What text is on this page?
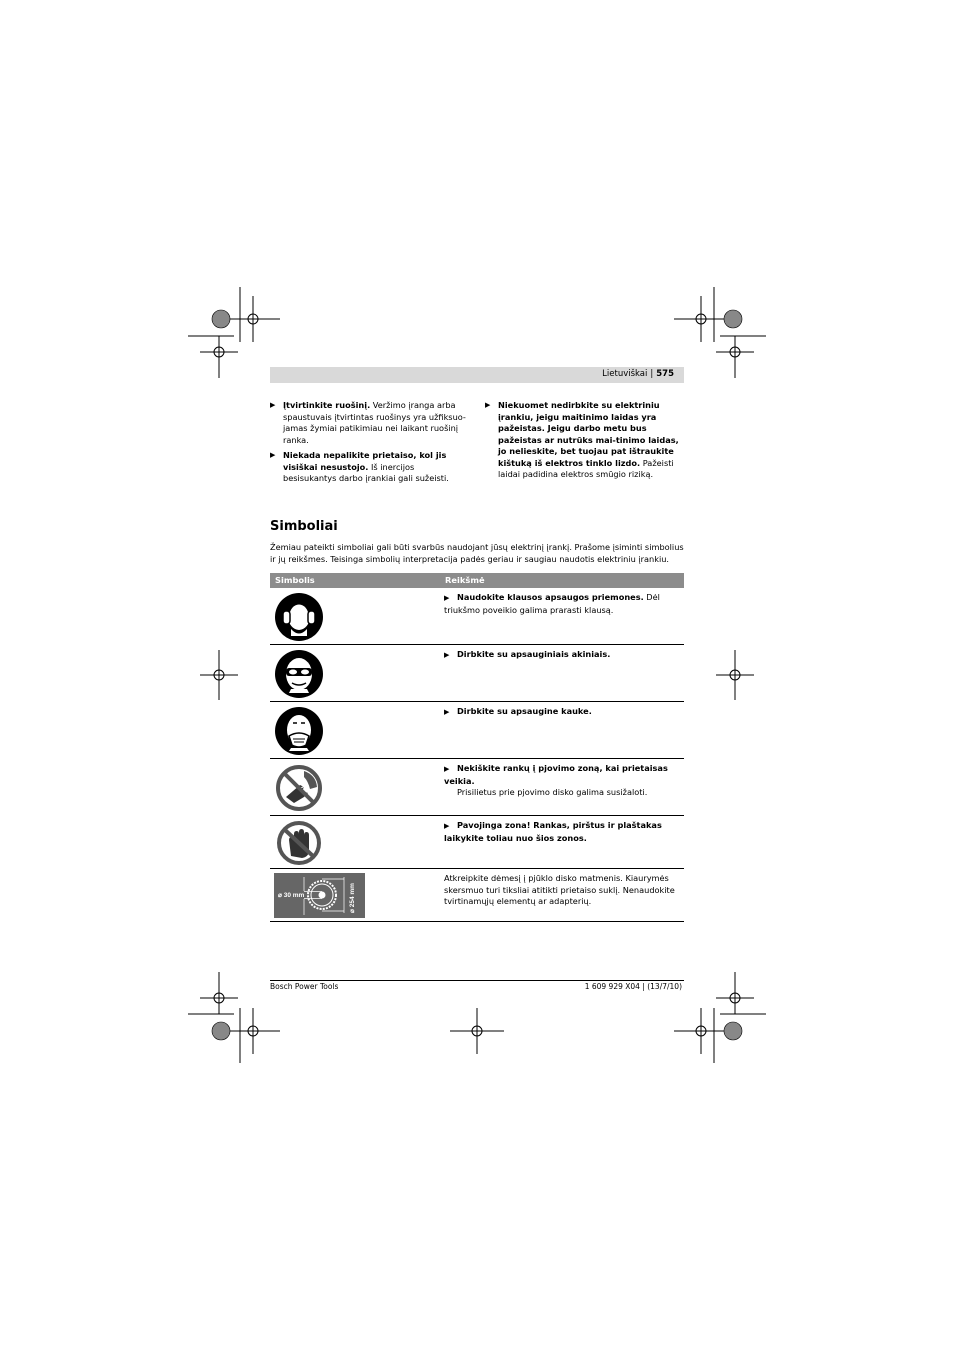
Lietuviškai | 575
▶ Įtvirtinkite ruošinį. Veržimo įranga arba spaustuvais įtvirtintas ruošinys yra užfiksuo-jamas žymiai patikimiau nei laikant ruošinį ranka.
▶ Niekada nepalikite prietaiso, kol jis visiškai nesustojo. Iš inercijos besisukantys darbo įrankiai gali sužeisti.
▶ Niekuomet nedirbkite su elektriniu įrankiu, jeigu maitinimo laidas yra pažeistas. Jeigu darbo metu bus pažeistas ar nutrūks mai-tinimo laidas, jo nelieskite, bet tuojau pat ištraukite kištuką iš elektros tinklo lizdo. Pažeisti laidai padidina elektros smūgio riziką.
Simboliai
Žemiau pateikti simboliai gali būti svarbūs naudojant jūsų elektrinį įrankį. Prašome įsiminti simbolius ir jų reikšmes. Teisinga simbolių interpretacija padės geriau ir saugiau naudotis elektriniu įrankiu.
Simbolis	Reikšmė
▶ Naudokite klausos apsaugos priemones. Dėl triukšmo poveikio galima prarasti klausą.
▶ Dirbkite su apsauginiais akiniais.
▶ Dirbkite su apsaugine kauke.
▶ Nekiškite rankų į pjovimo zoną, kai prietaisas veikia.
Prisilietus prie pjovimo disko galima susižaloti.
▶ Pavojinga zona! Rankas, pirštus ir plaštakas laikykite toliau nuo šios zonos.
⌀ 30 mm	⌀ 254 mm
Atkreipkite dėmesį į pjūklo disko matmenis. Kiaurymės skersmuo turi tiksliai atitikti prietaiso suklį. Nenaudokite tvirtinamųjų elementų ar adapterių.
Bosch Power Tools	1 609 929 X04 | (13/7/10)
